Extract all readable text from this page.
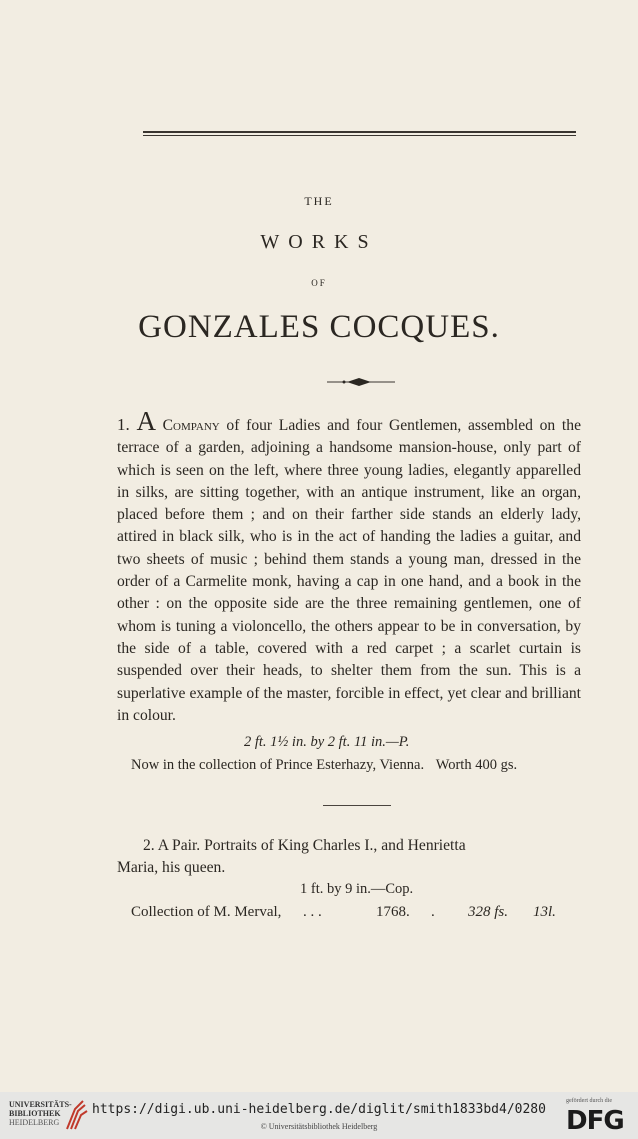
THE
WORKS
OF
GONZALES COCQUES.
1. A Company of four Ladies and four Gentlemen, assembled on the terrace of a garden, adjoining a handsome mansion-house, only part of which is seen on the left, where three young ladies, elegantly apparelled in silks, are sitting together, with an antique instrument, like an organ, placed before them ; and on their farther side stands an elderly lady, attired in black silk, who is in the act of handing the ladies a guitar, and two sheets of music ; behind them stands a young man, dressed in the order of a Carmelite monk, having a cap in one hand, and a book in the other : on the opposite side are the three remaining gentlemen, one of whom is tuning a violoncello, the others appear to be in conversation, by the side of a table, covered with a red carpet ; a scarlet curtain is suspended over their heads, to shelter them from the sun. This is a superlative example of the master, forcible in effect, yet clear and brilliant in colour.
2 ft. 1½ in. by 2 ft. 11 in.—P.
Now in the collection of Prince Esterhazy, Vienna. Worth 400 gs.
2. A Pair. Portraits of King Charles I., and Henrietta
Maria, his queen.
1 ft. by 9 in.—Cop.
Collection of M. Merval, . . .	1768. . 328 fs. 13l.
UNIVERSITÄTS-
BIBLIOTHEK
HEIDELBERG
https://digi.ub.uni-heidelberg.de/diglit/smith1833bd4/0280
© Universitätsbibliothek Heidelberg
gefördert durch die
DFG
